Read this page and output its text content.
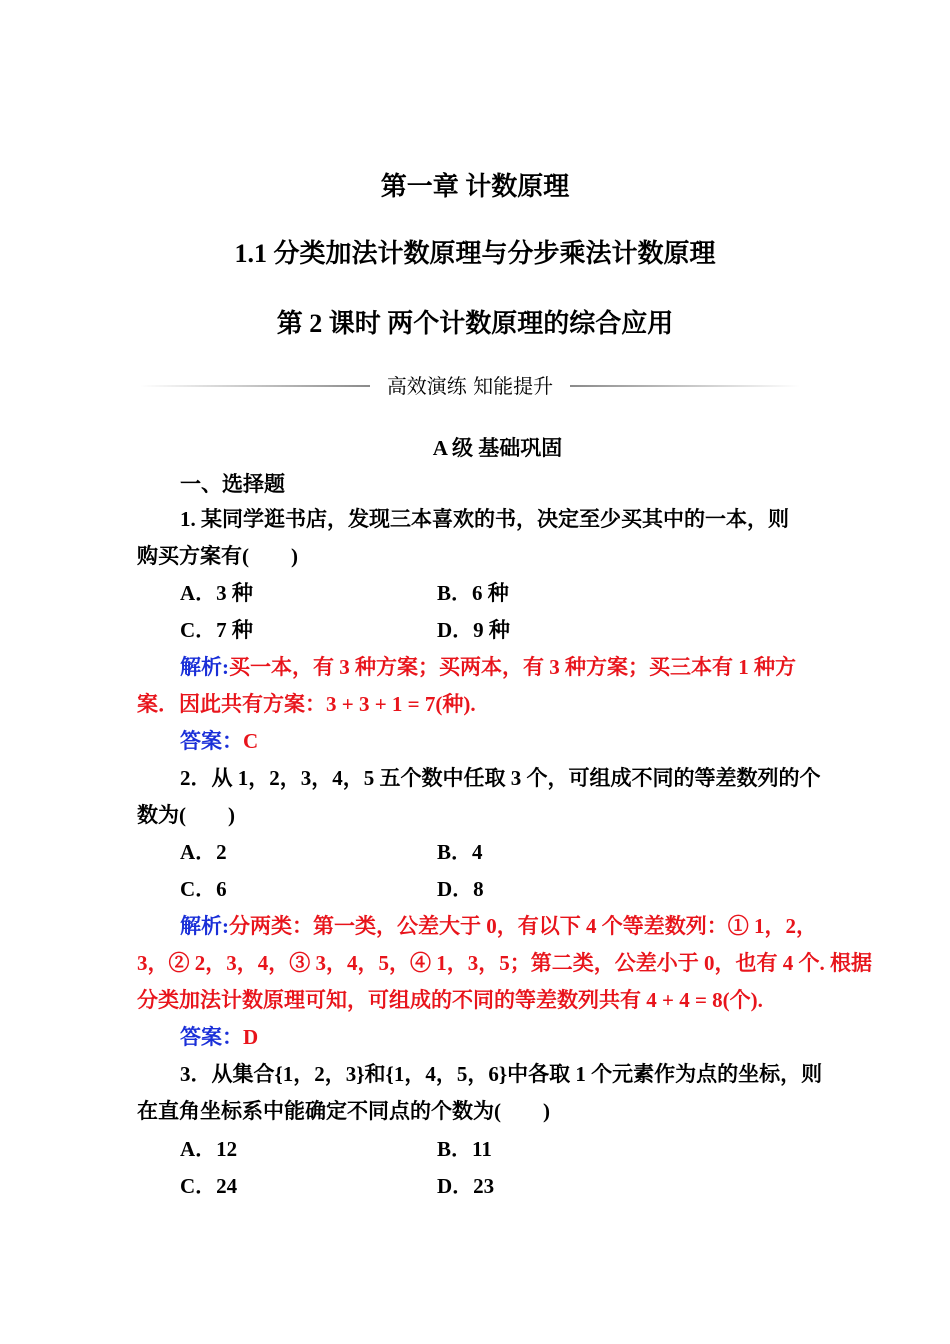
第一章 计数原理
1.1 分类加法计数原理与分步乘法计数原理
第 2 课时 两个计数原理的综合应用
高效演练 知能提升
A 级 基础巩固
一、选择题
1. 某同学逛书店，发现三本喜欢的书，决定至少买其中的一本，则
购买方案有(　　)
A．3 种	B．6 种
C．7 种	D．9 种
解析:买一本，有 3 种方案；买两本，有 3 种方案；买三本有 1 种方
案．因此共有方案：3 + 3 + 1 = 7(种).
答案：C
2．从 1，2，3，4，5 五个数中任取 3 个，可组成不同的等差数列的个
数为(　　)
A．2	B．4
C．6	D．8
解析:分两类：第一类，公差大于 0，有以下 4 个等差数列：① 1，2，
3，② 2，3，4，③ 3，4，5，④ 1，3，5；第二类，公差小于 0，也有 4 个. 根据
分类加法计数原理可知，可组成的不同的等差数列共有 4 + 4 = 8(个).
答案：D
3．从集合{1，2，3}和{1，4，5，6}中各取 1 个元素作为点的坐标，则
在直角坐标系中能确定不同点的个数为(　　)
A．12	B．11
C．24	D．23
